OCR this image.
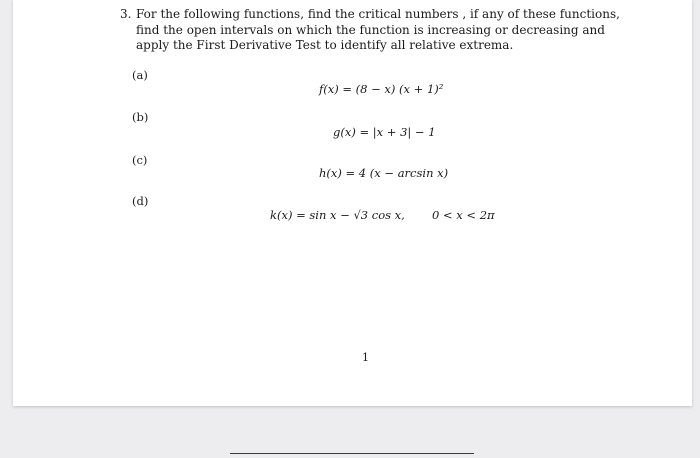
3. For the following functions, find the critical numbers , if any of these functions, find the open intervals on which the function is increasing or decreasing and apply the First Derivative Test to identify all relative extrema.
(a)
f(x) = (8 − x) (x + 1)²
(b)
g(x) = |x + 3| − 1
(c)
h(x) = 4 (x − arcsin x)
(d)
k(x) = sin x − √3 cos x, 0 < x < 2π
1
